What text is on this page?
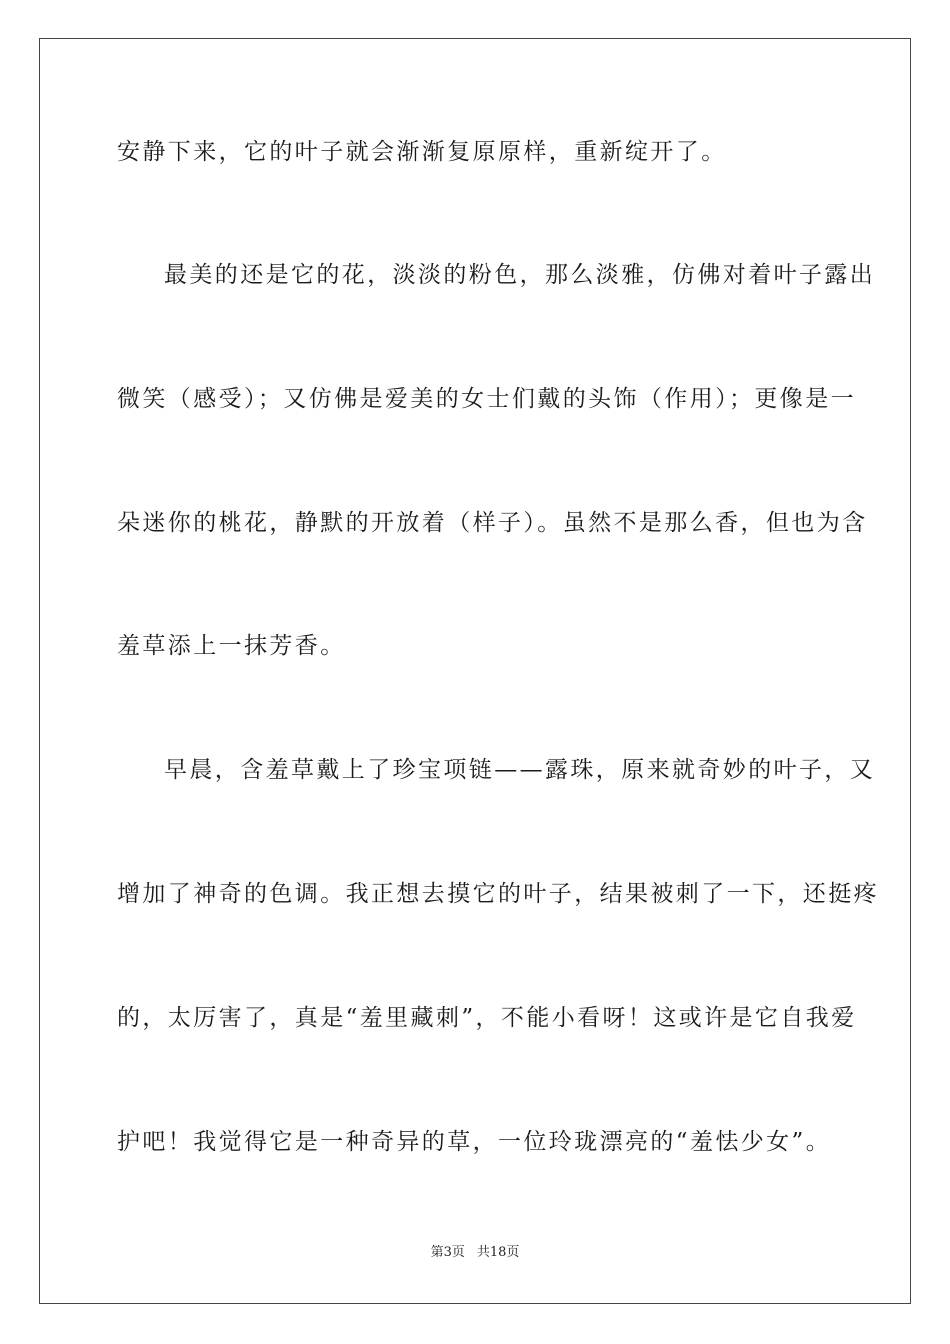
安静下来，它的叶子就会渐渐复原原样，重新绽开了。
最美的还是它的花，淡淡的粉色，那么淡雅，仿佛对着叶子露出
微笑（感受）；又仿佛是爱美的女士们戴的头饰（作用）；更像是一
朵迷你的桃花，静默的开放着（样子）。虽然不是那么香，但也为含
羞草添上一抹芳香。
早晨，含羞草戴上了珍宝项链——露珠，原来就奇妙的叶子，又
增加了神奇的色调。我正想去摸它的叶子，结果被刺了一下，还挺疼
的，太厉害了，真是“羞里藏刺”，不能小看呀！这或许是它自我爱
护吧！我觉得它是一种奇异的草，一位玲珑漂亮的“羞怯少女”。
第3页 共18页
